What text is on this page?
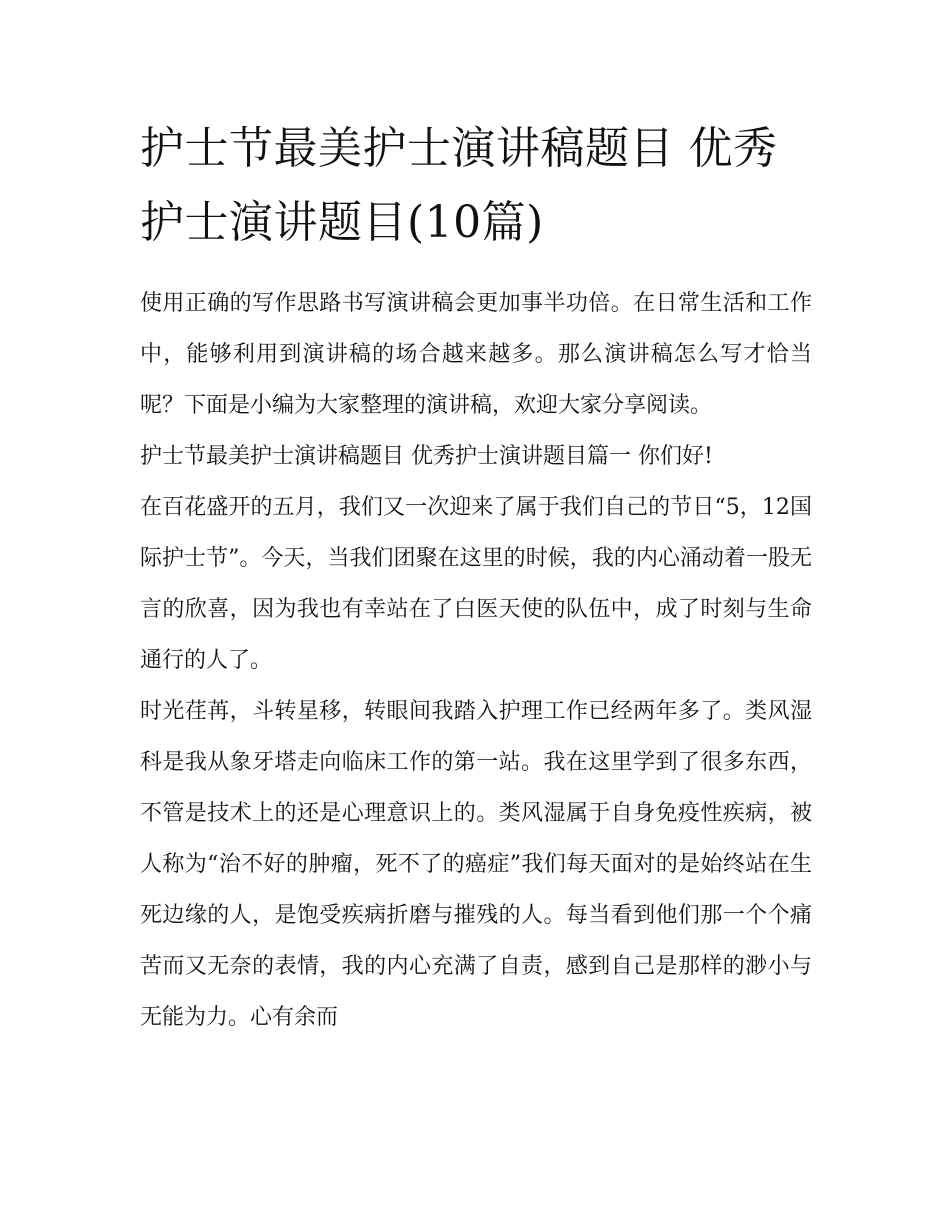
护士节最美护士演讲稿题目 优秀护士演讲题目(10篇)

使用正确的写作思路书写演讲稿会更加事半功倍。在日常生活和工作中，能够利用到演讲稿的场合越来越多。那么演讲稿怎么写才恰当呢？下面是小编为大家整理的演讲稿，欢迎大家分享阅读。

护士节最美护士演讲稿题目 优秀护士演讲题目篇一 你们好!

在百花盛开的五月，我们又一次迎来了属于我们自己的节日“5，12国际护士节”。今天，当我们团聚在这里的时候，我的内心涌动着一股无言的欣喜，因为我也有幸站在了白医天使的队伍中，成了时刻与生命通行的人了。

时光荏苒，斗转星移，转眼间我踏入护理工作已经两年多了。类风湿科是我从象牙塔走向临床工作的第一站。我在这里学到了很多东西，不管是技术上的还是心理意识上的。类风湿属于自身免疫性疾病，被人称为“治不好的肿瘤，死不了的癌症”我们每天面对的是始终站在生死边缘的人，是饱受疾病折磨与摧残的人。每当看到他们那一个个痛苦而又无奈的表情，我的内心充满了自责，感到自己是那样的渺小与无能为力。心有余而
